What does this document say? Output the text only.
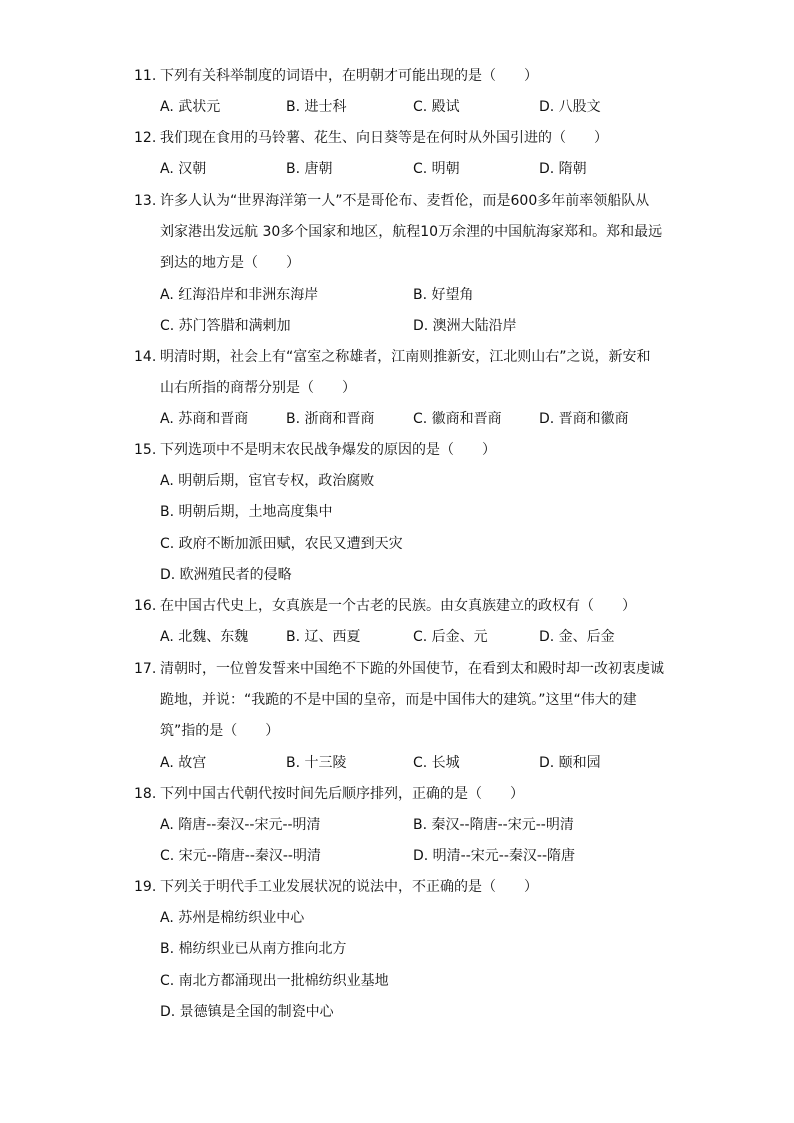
11. 下列有关科举制度的词语中，在明朝才可能出现的是（　　）
A. 武状元	B. 进士科	C. 殿试	D. 八股文
12. 我们现在食用的马铃薯、花生、向日葵等是在何时从外国引进的（　　）
A. 汉朝	B. 唐朝	C. 明朝	D. 隋朝
13. 许多人认为“世界海洋第一人”不是哥伦布、麦哲伦，而是600多年前率领船队从
刘家港出发远航 30多个国家和地区，航程10万余浬的中国航海家郑和。郑和最远
到达的地方是（　　）
A. 红海沿岸和非洲东海岸	B. 好望角
C. 苏门答腊和满剌加	D. 澳洲大陆沿岸
14. 明清时期，社会上有“富室之称雄者，江南则推新安，江北则山右”之说，新安和
山右所指的商帮分别是（　　）
A. 苏商和晋商	B. 浙商和晋商	C. 徽商和晋商	D. 晋商和徽商
15. 下列选项中不是明末农民战争爆发的原因的是（　　）
A. 明朝后期，宦官专权，政治腐败
B. 明朝后期，土地高度集中
C. 政府不断加派田赋，农民又遭到天灾
D. 欧洲殖民者的侵略
16. 在中国古代史上，女真族是一个古老的民族。由女真族建立的政权有（　　）
A. 北魏、东魏	B. 辽、西夏	C. 后金、元	D. 金、后金
17. 清朝时，一位曾发誓来中国绝不下跪的外国使节，在看到太和殿时却一改初衷虔诚
跪地，并说：“我跪的不是中国的皇帝，而是中国伟大的建筑。”这里“伟大的建
筑”指的是（　　）
A. 故宫	B. 十三陵	C. 长城	D. 颐和园
18. 下列中国古代朝代按时间先后顺序排列，正确的是（　　）
A. 隋唐--秦汉--宋元--明清	B. 秦汉--隋唐--宋元--明清
C. 宋元--隋唐--秦汉--明清	D. 明清--宋元--秦汉--隋唐
19. 下列关于明代手工业发展状况的说法中，不正确的是（　　）
A. 苏州是棉纺织业中心
B. 棉纺织业已从南方推向北方
C. 南北方都涌现出一批棉纺织业基地
D. 景德镇是全国的制瓷中心
